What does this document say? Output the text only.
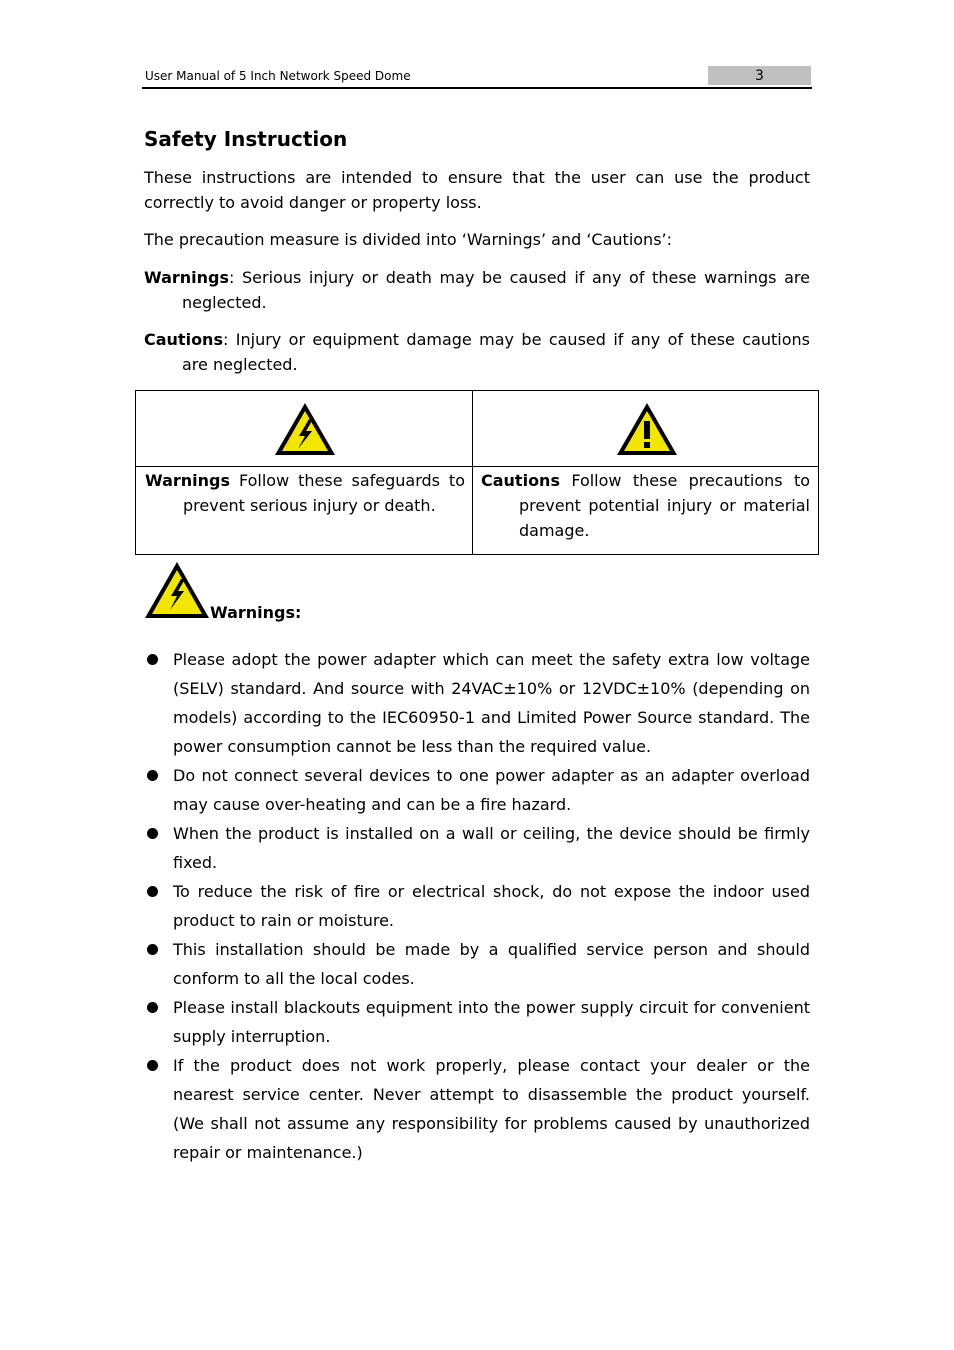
User Manual of 5 Inch Network Speed Dome	3
Safety Instruction
These instructions are intended to ensure that the user can use the product correctly to avoid danger or property loss.
The precaution measure is divided into ‘Warnings’ and ‘Cautions’:
Warnings: Serious injury or death may be caused if any of these warnings are neglected.
Cautions: Injury or equipment damage may be caused if any of these cautions are neglected.
Warnings Follow these safeguards to prevent serious injury or death.
Cautions Follow these precautions to prevent potential injury or material damage.
Warnings:
Please adopt the power adapter which can meet the safety extra low voltage (SELV) standard. And source with 24VAC±10% or 12VDC±10% (depending on models) according to the IEC60950-1 and Limited Power Source standard. The power consumption cannot be less than the required value.
Do not connect several devices to one power adapter as an adapter overload may cause over-heating and can be a fire hazard.
When the product is installed on a wall or ceiling, the device should be firmly fixed.
To reduce the risk of fire or electrical shock, do not expose the indoor used product to rain or moisture.
This installation should be made by a qualified service person and should conform to all the local codes.
Please install blackouts equipment into the power supply circuit for convenient supply interruption.
If the product does not work properly, please contact your dealer or the nearest service center. Never attempt to disassemble the product yourself. (We shall not assume any responsibility for problems caused by unauthorized repair or maintenance.)
